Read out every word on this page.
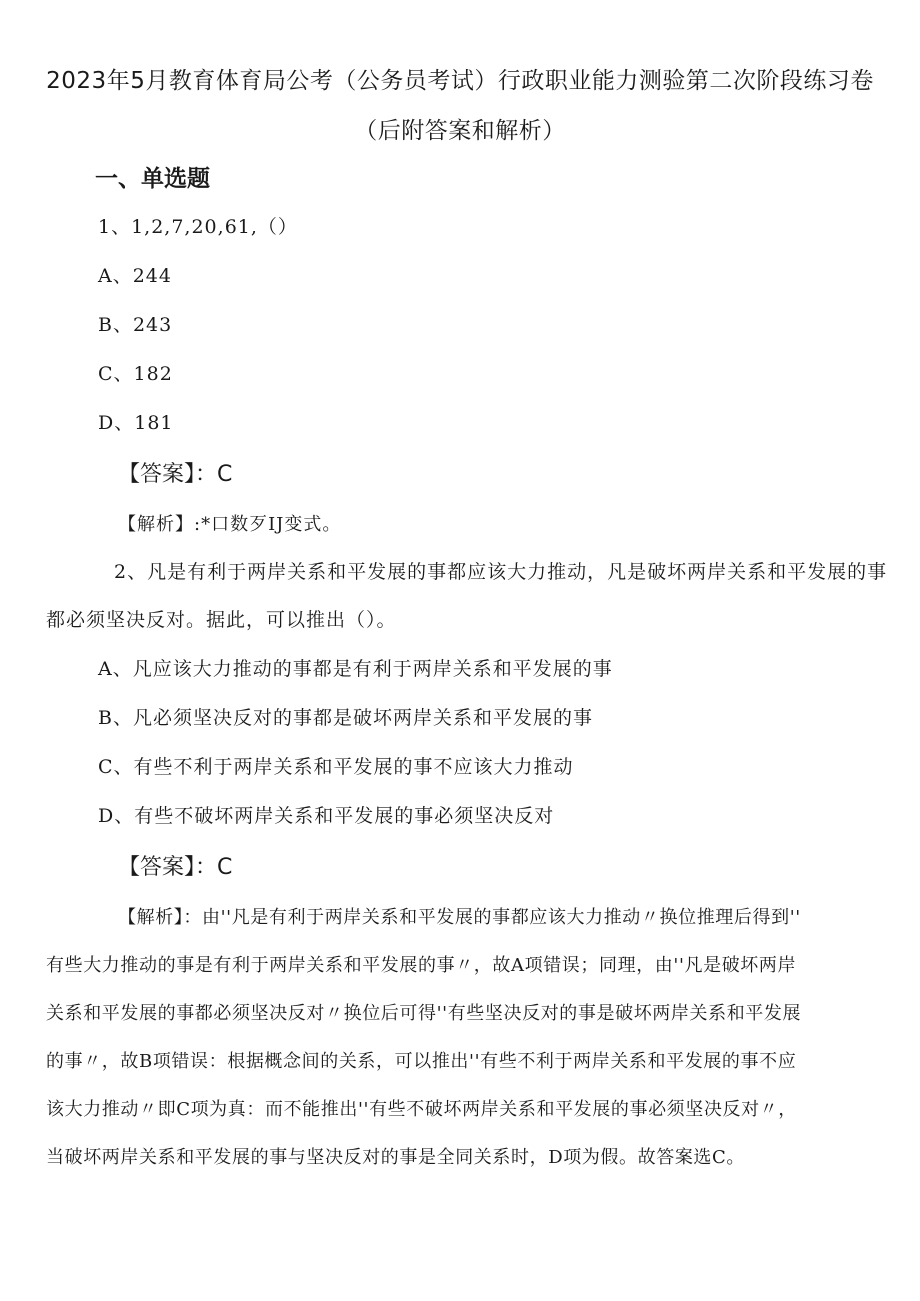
2023年5月教育体育局公考（公务员考试）行政职业能力测验第二次阶段练习卷
（后附答案和解析）
一、单选题
1、1,2,7,20,61,（）
A、244
B、243
C、182
D、181
【答案】：C
【解析】:*口数歹IJ变式。
2、凡是有利于两岸关系和平发展的事都应该大力推动，凡是破坏两岸关系和平发展的事
都必须坚决反对。据此，可以推出（）。
A、凡应该大力推动的事都是有利于两岸关系和平发展的事
B、凡必须坚决反对的事都是破坏两岸关系和平发展的事
C、有些不利于两岸关系和平发展的事不应该大力推动
D、有些不破坏两岸关系和平发展的事必须坚决反对
【答案】：C
【解析】：由''凡是有利于两岸关系和平发展的事都应该大力推动〃换位推理后得到''
有些大力推动的事是有利于两岸关系和平发展的事〃，故A项错误；同理，由''凡是破坏两岸
关系和平发展的事都必须坚决反对〃换位后可得''有些坚决反对的事是破坏两岸关系和平发展
的事〃，故B项错误：根据概念间的关系，可以推出''有些不利于两岸关系和平发展的事不应
该大力推动〃即C项为真：而不能推出''有些不破坏两岸关系和平发展的事必须坚决反对〃，
当破坏两岸关系和平发展的事与坚决反对的事是全同关系时，D项为假。故答案选C。
